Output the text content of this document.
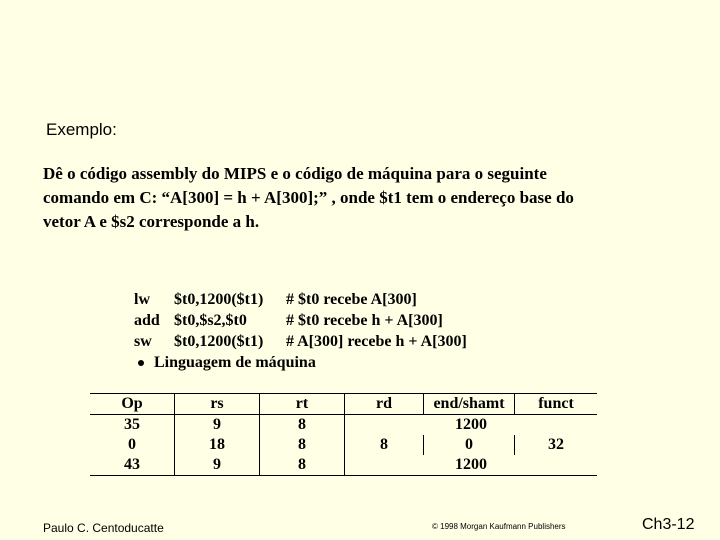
Exemplo:
Dê o código assembly do MIPS e o código de máquina para o seguinte comando em C: “A[300] = h + A[300];” , onde $t1 tem o endereço base do vetor A e $s2 corresponde a h.
lw	$t0,1200($t1)	# $t0 recebe A[300]
add $t0,$s2,$t0	# $t0 recebe h + A[300]
sw	$t0,1200($t1)	# A[300] recebe h + A[300]
Linguagem de máquina
Op	rs	rt	rd	end/shamt	funct
35	9	8	1200		
0	18	8	8	0	32
43	9	8	1200		
Paulo C. Centoducatte	© 1998 Morgan Kaufmann Publishers	Ch3-12
